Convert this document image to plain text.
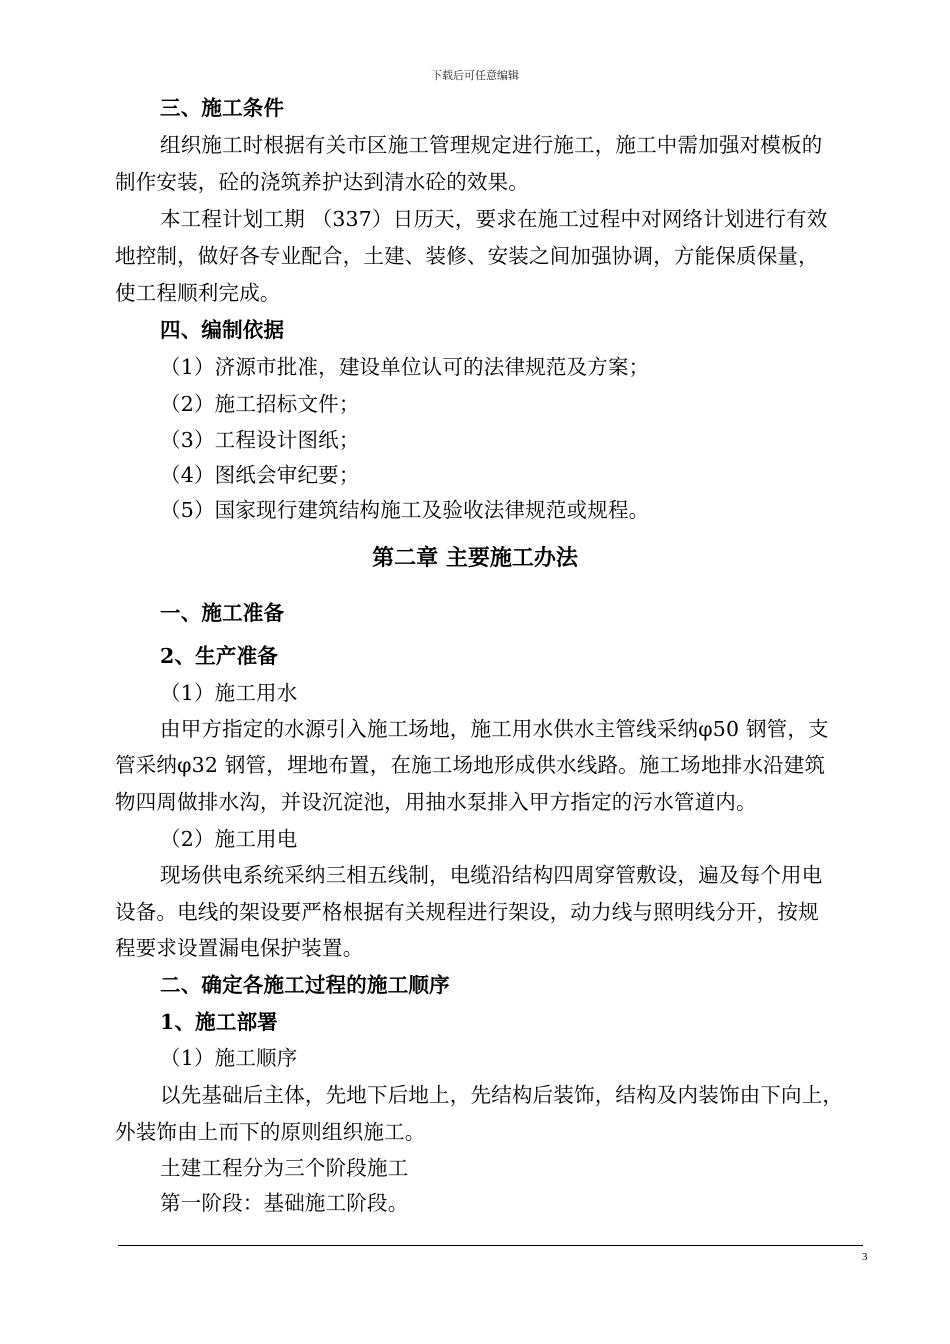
下载后可任意编辑
三、施工条件
组织施工时根据有关市区施工管理规定进行施工，施工中需加强对模板的
制作安装，砼的浇筑养护达到清水砼的效果。
本工程计划工期 （337）日历天，要求在施工过程中对网络计划进行有效
地控制，做好各专业配合，土建、装修、安装之间加强协调，方能保质保量，
使工程顺利完成。
四、编制依据
（1）济源市批准，建设单位认可的法律规范及方案；
（2）施工招标文件；
（3）工程设计图纸；
（4）图纸会审纪要；
（5）国家现行建筑结构施工及验收法律规范或规程。
第二章 主要施工办法
一、施工准备
2、生产准备
（1）施工用水
由甲方指定的水源引入施工场地，施工用水供水主管线采纳φ50 钢管，支
管采纳φ32 钢管，埋地布置，在施工场地形成供水线路。施工场地排水沿建筑
物四周做排水沟，并设沉淀池，用抽水泵排入甲方指定的污水管道内。
（2）施工用电
现场供电系统采纳三相五线制，电缆沿结构四周穿管敷设，遍及每个用电
设备。电线的架设要严格根据有关规程进行架设，动力线与照明线分开，按规
程要求设置漏电保护装置。
二、确定各施工过程的施工顺序
1、施工部署
（1）施工顺序
以先基础后主体，先地下后地上，先结构后装饰，结构及内装饰由下向上，
外装饰由上而下的原则组织施工。
土建工程分为三个阶段施工
第一阶段：基础施工阶段。
3
